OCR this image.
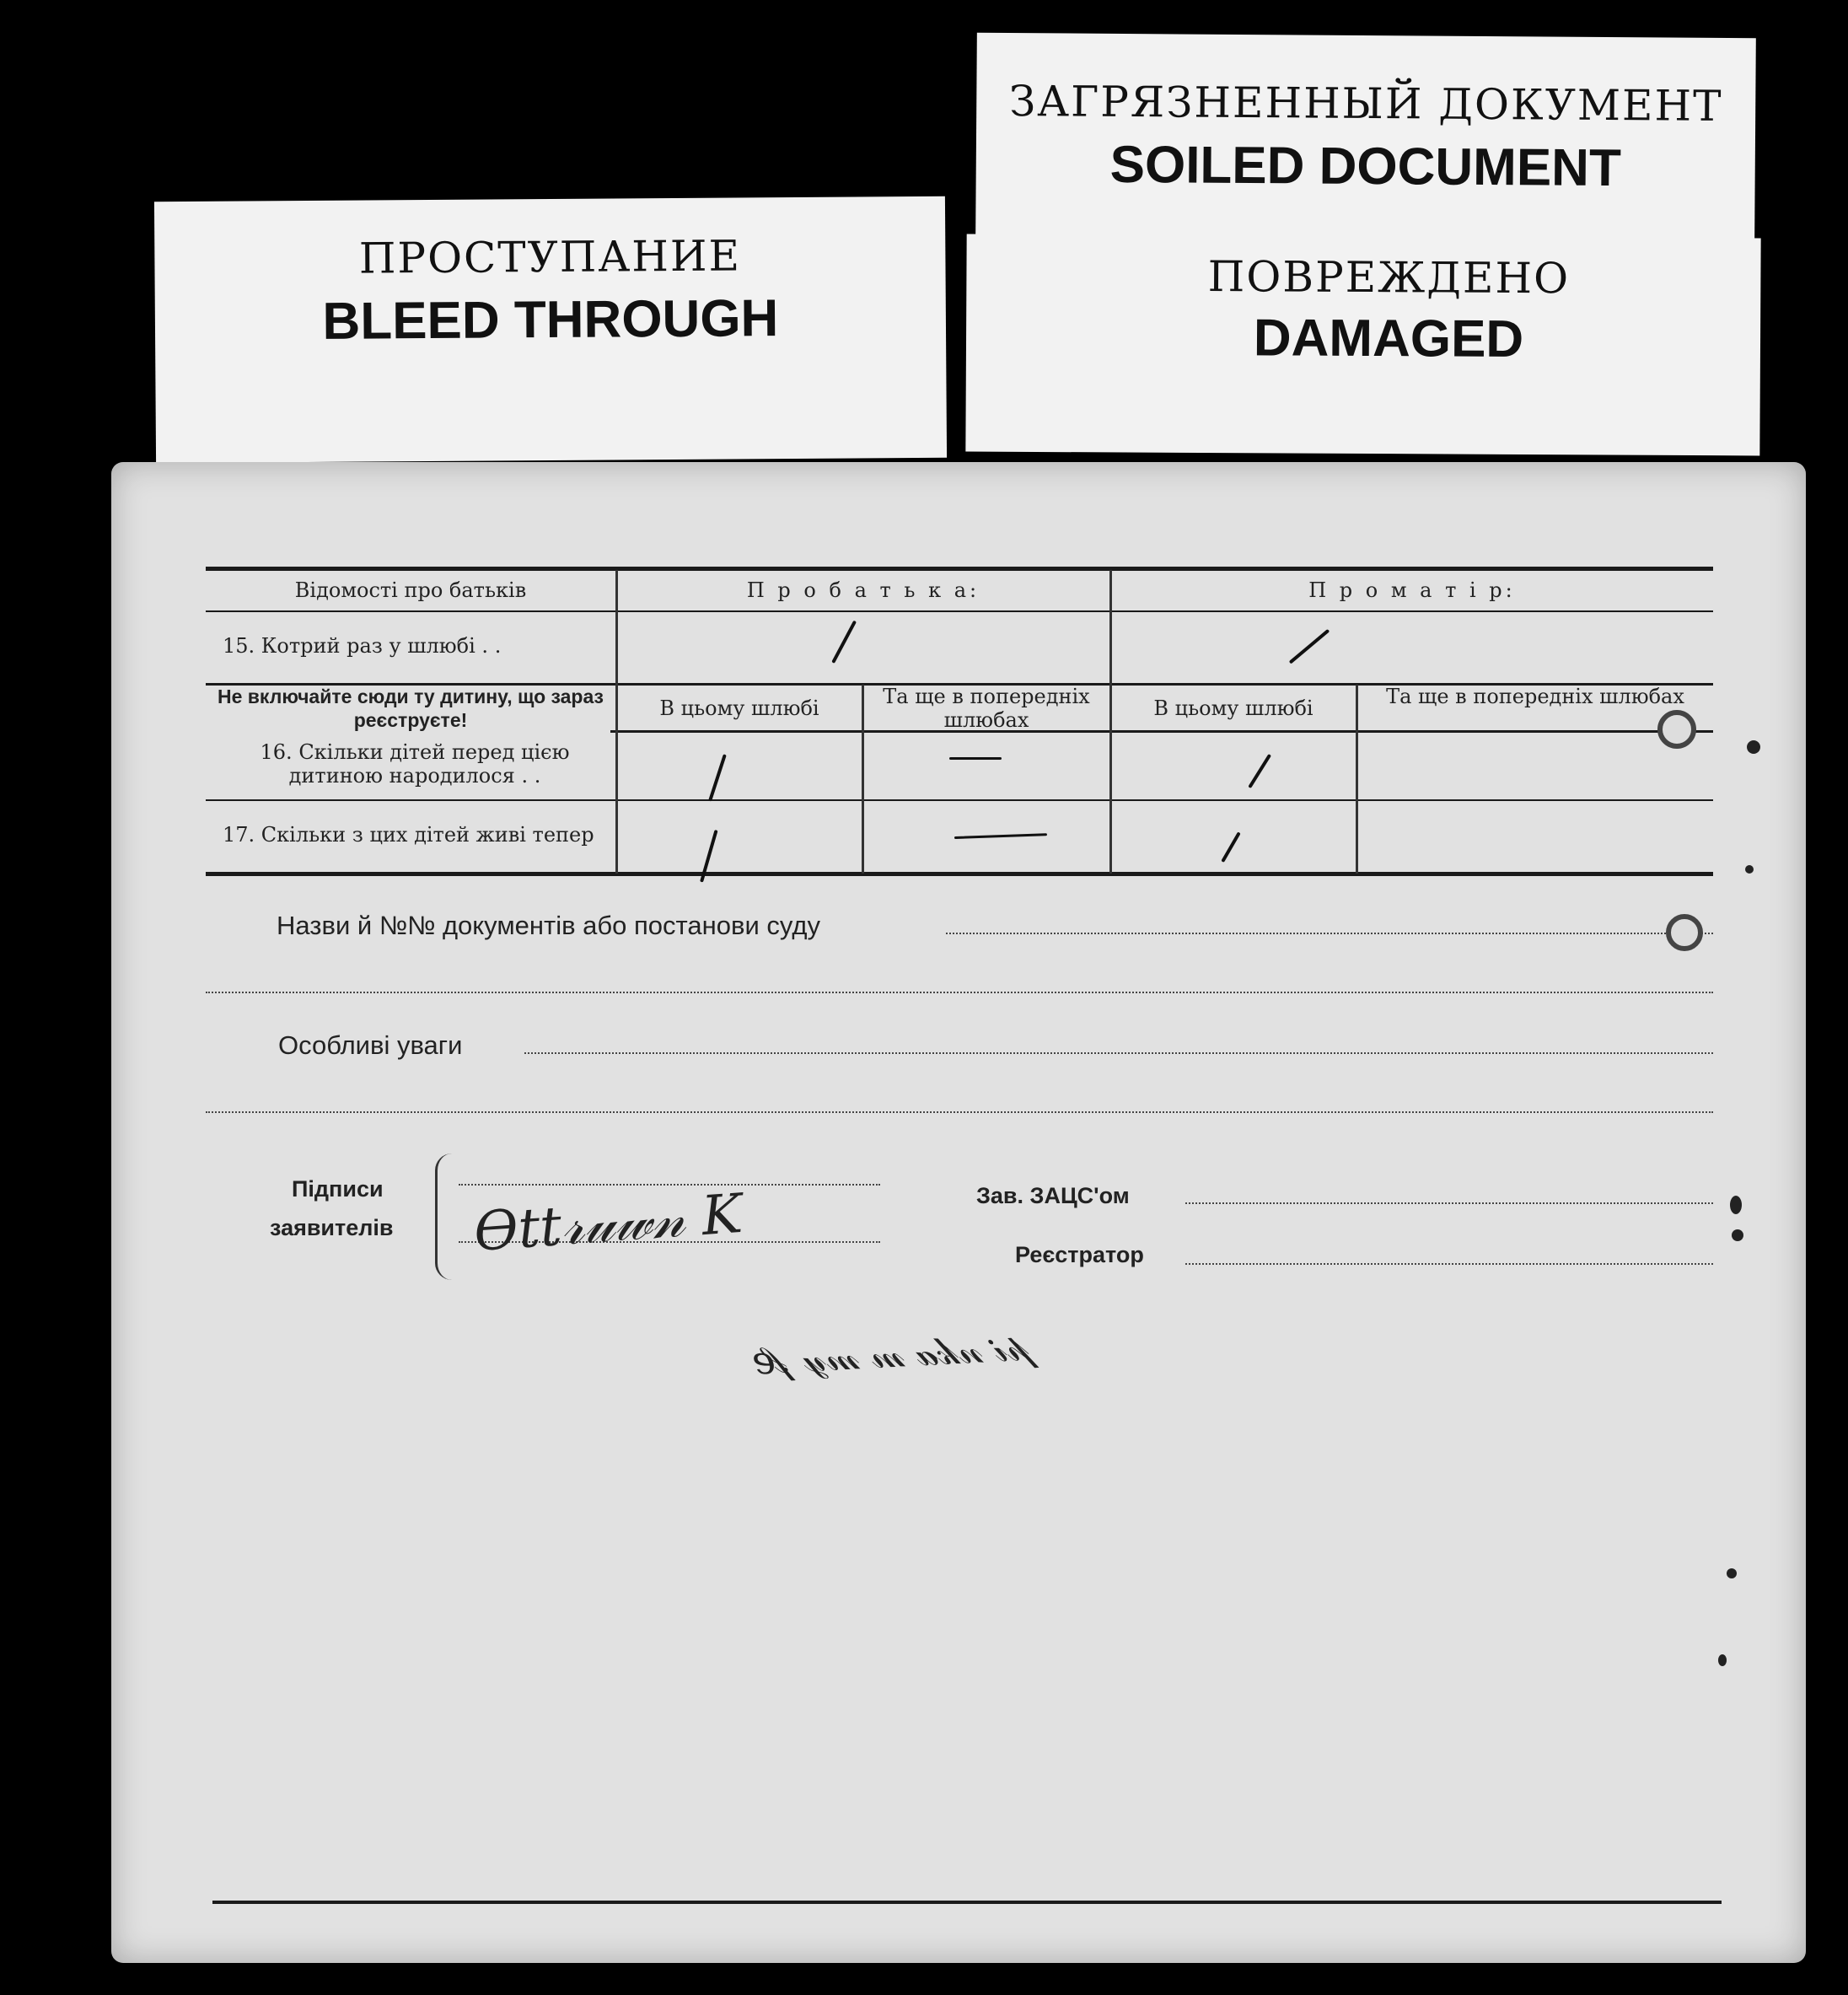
ЗАГРЯЗНЕННЫЙ ДОКУМЕНТ
SOILED DOCUMENT
ПРОСТУПАНИЕ
BLEED THROUGH
ПОВРЕЖДЕНО
DAMAGED
Відомості про батьків	П р о б а т ь к а:	П р о м а т і р:
15. Котрий раз у шлюбі . .
Не включайте сюди ту дитину, що зараз реєструєте!	В цьому шлюбі	Та ще в попередніх шлюбах	В цьому шлюбі	Та ще в попередніх шлюбах
16. Скільки дітей перед цією дитиною народилося . .
17. Скільки з цих дітей живі тепер
Назви й №№ документів або постанови суду
Особливі уваги
Підписи
заявителів Ѳ𝑡𝑡𝓇𝓊𝓌𝓃 K	Зав. ЗАЦС'ом
Реєстратор
𝓅𝒾 𝓃𝓀𝒶 𝓂 𝓂𝓎 𝒻𝑒
